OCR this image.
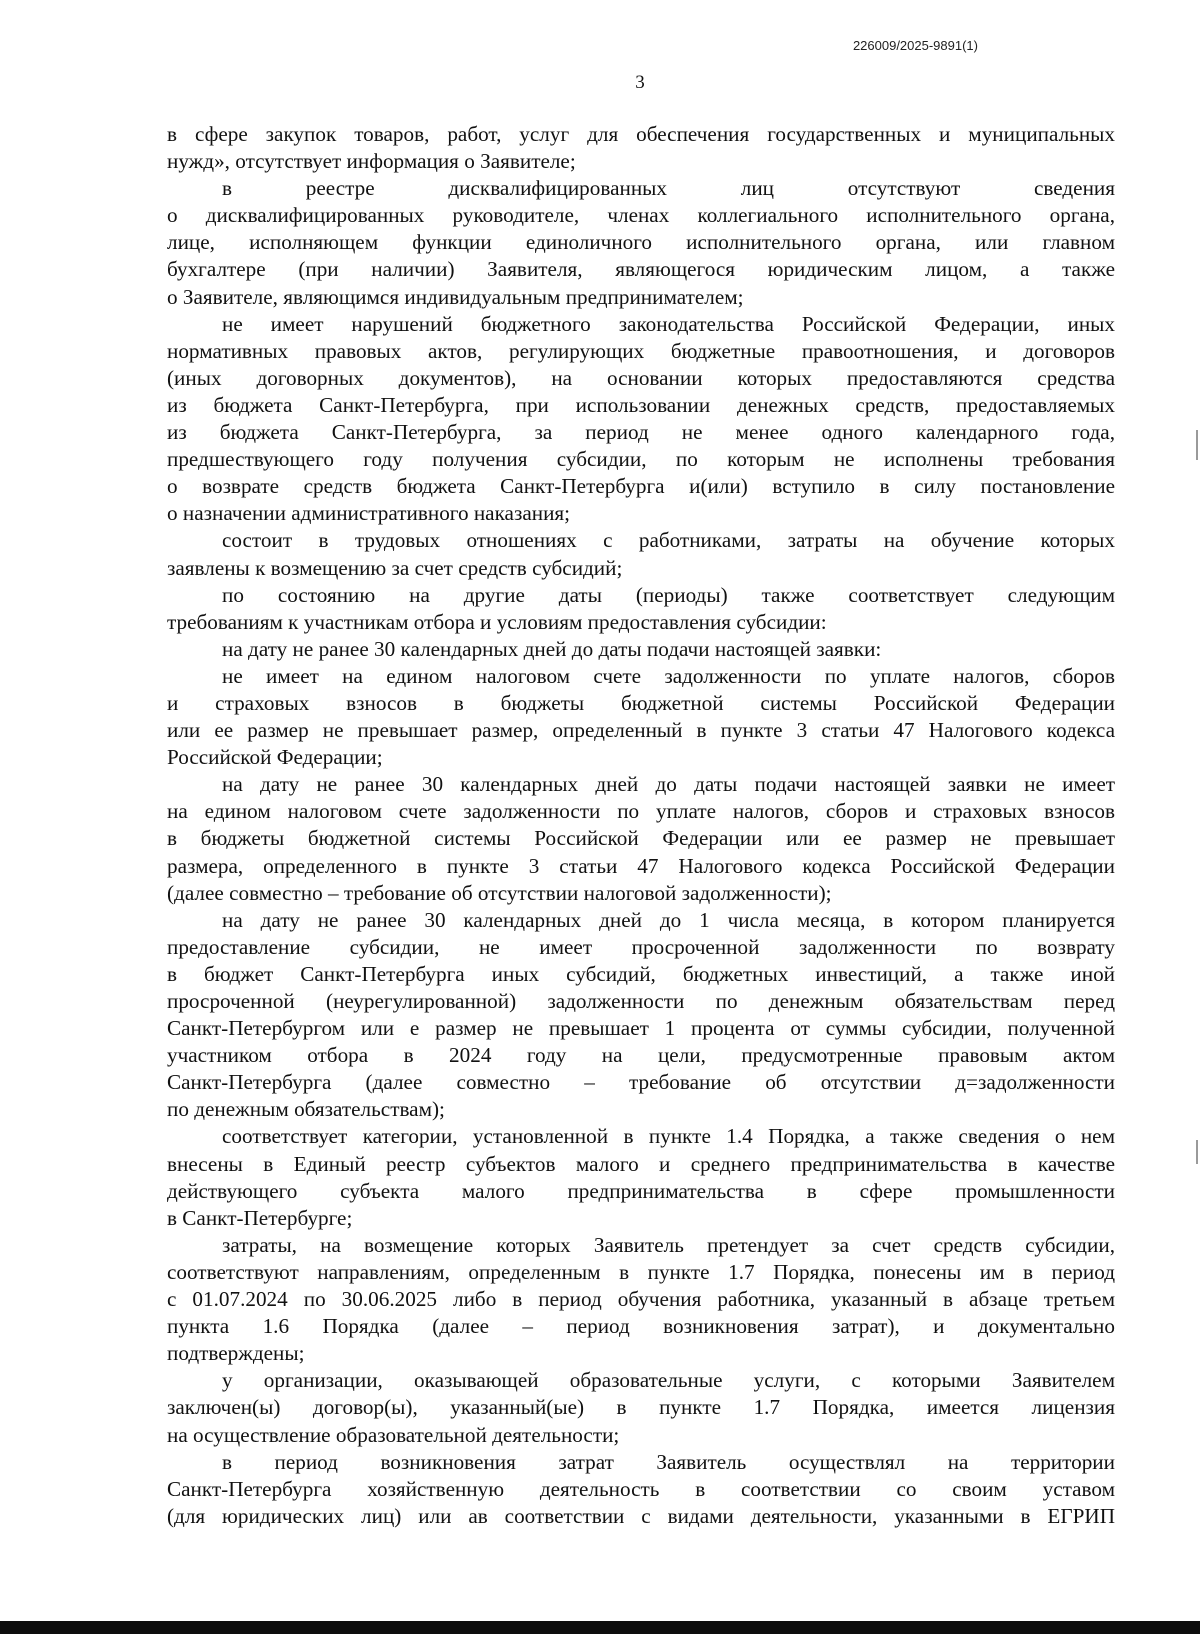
226009/2025-9891(1)
3
в сфере закупок товаров, работ, услуг для обеспечения государственных и муниципальных
нужд», отсутствует информация о Заявителе;
в реестре дисквалифицированных лиц отсутствуют сведения
о дисквалифицированных руководителе, членах коллегиального исполнительного органа,
лице, исполняющем функции единоличного исполнительного органа, или главном
бухгалтере (при наличии) Заявителя, являющегося юридическим лицом, а также
о Заявителе, являющимся индивидуальным предпринимателем;
не имеет нарушений бюджетного законодательства Российской Федерации, иных
нормативных правовых актов, регулирующих бюджетные правоотношения, и договоров
(иных договорных документов), на основании которых предоставляются средства
из бюджета Санкт-Петербурга, при использовании денежных средств, предоставляемых
из бюджета Санкт-Петербурга, за период не менее одного календарного года,
предшествующего году получения субсидии, по которым не исполнены требования
о возврате средств бюджета Санкт-Петербурга и(или) вступило в силу постановление
о назначении административного наказания;
состоит в трудовых отношениях с работниками, затраты на обучение которых
заявлены к возмещению за счет средств субсидий;
по состоянию на другие даты (периоды) также соответствует следующим
требованиям к участникам отбора и условиям предоставления субсидии:
на дату не ранее 30 календарных дней до даты подачи настоящей заявки:
не имеет на едином налоговом счете задолженности по уплате налогов, сборов
и страховых взносов в бюджеты бюджетной системы Российской Федерации
или ее размер не превышает размер, определенный в пункте 3 статьи 47 Налогового кодекса
Российской Федерации;
на дату не ранее 30 календарных дней до даты подачи настоящей заявки не имеет
на едином налоговом счете задолженности по уплате налогов, сборов и страховых взносов
в бюджеты бюджетной системы Российской Федерации или ее размер не превышает
размера, определенного в пункте 3 статьи 47 Налогового кодекса Российской Федерации
(далее совместно – требование об отсутствии налоговой задолженности);
на дату не ранее 30 календарных дней до 1 числа месяца, в котором планируется
предоставление субсидии, не имеет просроченной задолженности по возврату
в бюджет Санкт-Петербурга иных субсидий, бюджетных инвестиций, а также иной
просроченной (неурегулированной) задолженности по денежным обязательствам перед
Санкт-Петербургом или е размер не превышает 1 процента от суммы субсидии, полученной
участником отбора в 2024 году на цели, предусмотренные правовым актом
Санкт-Петербурга (далее совместно – требование об отсутствии д=задолженности
по денежным обязательствам);
соответствует категории, установленной в пункте 1.4 Порядка, а также сведения о нем
внесены в Единый реестр субъектов малого и среднего предпринимательства в качестве
действующего субъекта малого предпринимательства в сфере промышленности
в Санкт-Петербурге;
затраты, на возмещение которых Заявитель претендует за счет средств субсидии,
соответствуют направлениям, определенным в пункте 1.7 Порядка, понесены им в период
с 01.07.2024 по 30.06.2025 либо в период обучения работника, указанный в абзаце третьем
пункта 1.6 Порядка (далее – период возникновения затрат), и документально
подтверждены;
у организации, оказывающей образовательные услуги, с которыми Заявителем
заключен(ы) договор(ы), указанный(ые) в пункте 1.7 Порядка, имеется лицензия
на осуществление образовательной деятельности;
в период возникновения затрат Заявитель осуществлял на территории
Санкт-Петербурга хозяйственную деятельность в соответствии со своим уставом
(для юридических лиц) или ав соответствии с видами деятельности, указанными в ЕГРИП
